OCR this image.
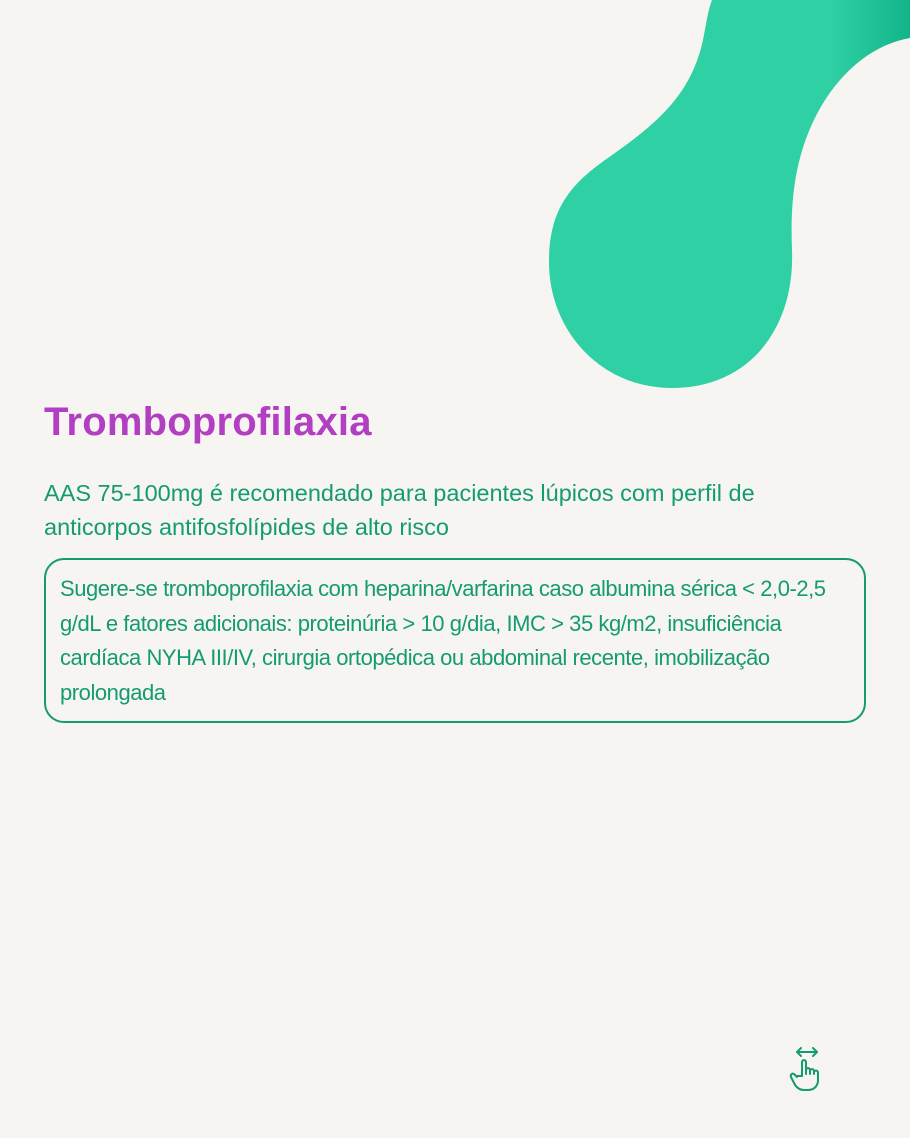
Tromboprofilaxia

AAS 75-100mg é recomendado para pacientes lúpicos com perfil de anticorpos antifosfolípides de alto risco

Sugere-se tromboprofilaxia com heparina/varfarina caso albumina sérica < 2,0-2,5 g/dL e fatores adicionais: proteinúria > 10 g/dia, IMC > 35 kg/m2, insuficiência cardíaca NYHA III/IV, cirurgia ortopédica ou abdominal recente, imobilização prolongada
